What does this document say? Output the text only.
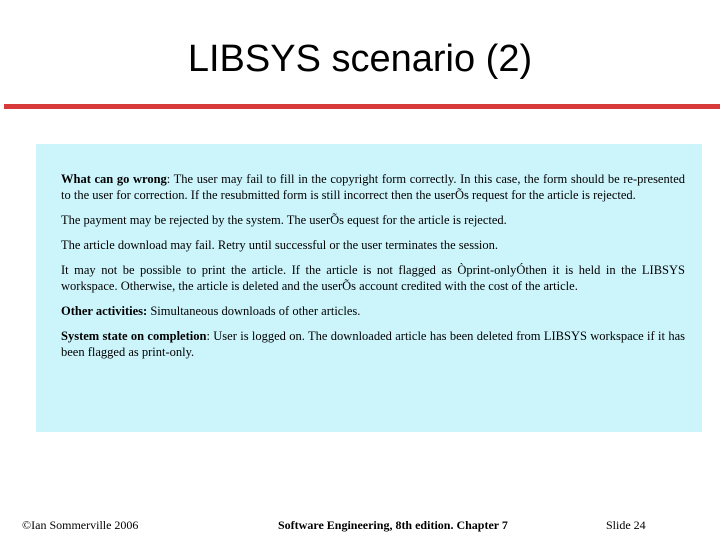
LIBSYS scenario (2)

What can go wrong: The user may fail to fill in the copyright form correctly. In this case, the form should be re-presented to the user for correction. If the resubmitted form is still incorrect then the userÕs request for the article is rejected.

The payment may be rejected by the system. The userÕs equest for the article is rejected.

The article download may fail. Retry until successful or the user terminates the session.

It may not be possible to print the article. If the article is not flagged as Òprint-onlyÓthen it is held in the LIBSYS workspace. Otherwise, the article is deleted and the userÕs account credited with the cost of the article.

Other activities: Simultaneous downloads of other articles.

System state on completion: User is logged on. The downloaded article has been deleted from LIBSYS workspace if it has been flagged as print-only.

©Ian Sommerville 2006	Software Engineering, 8th edition. Chapter 7	Slide 24
